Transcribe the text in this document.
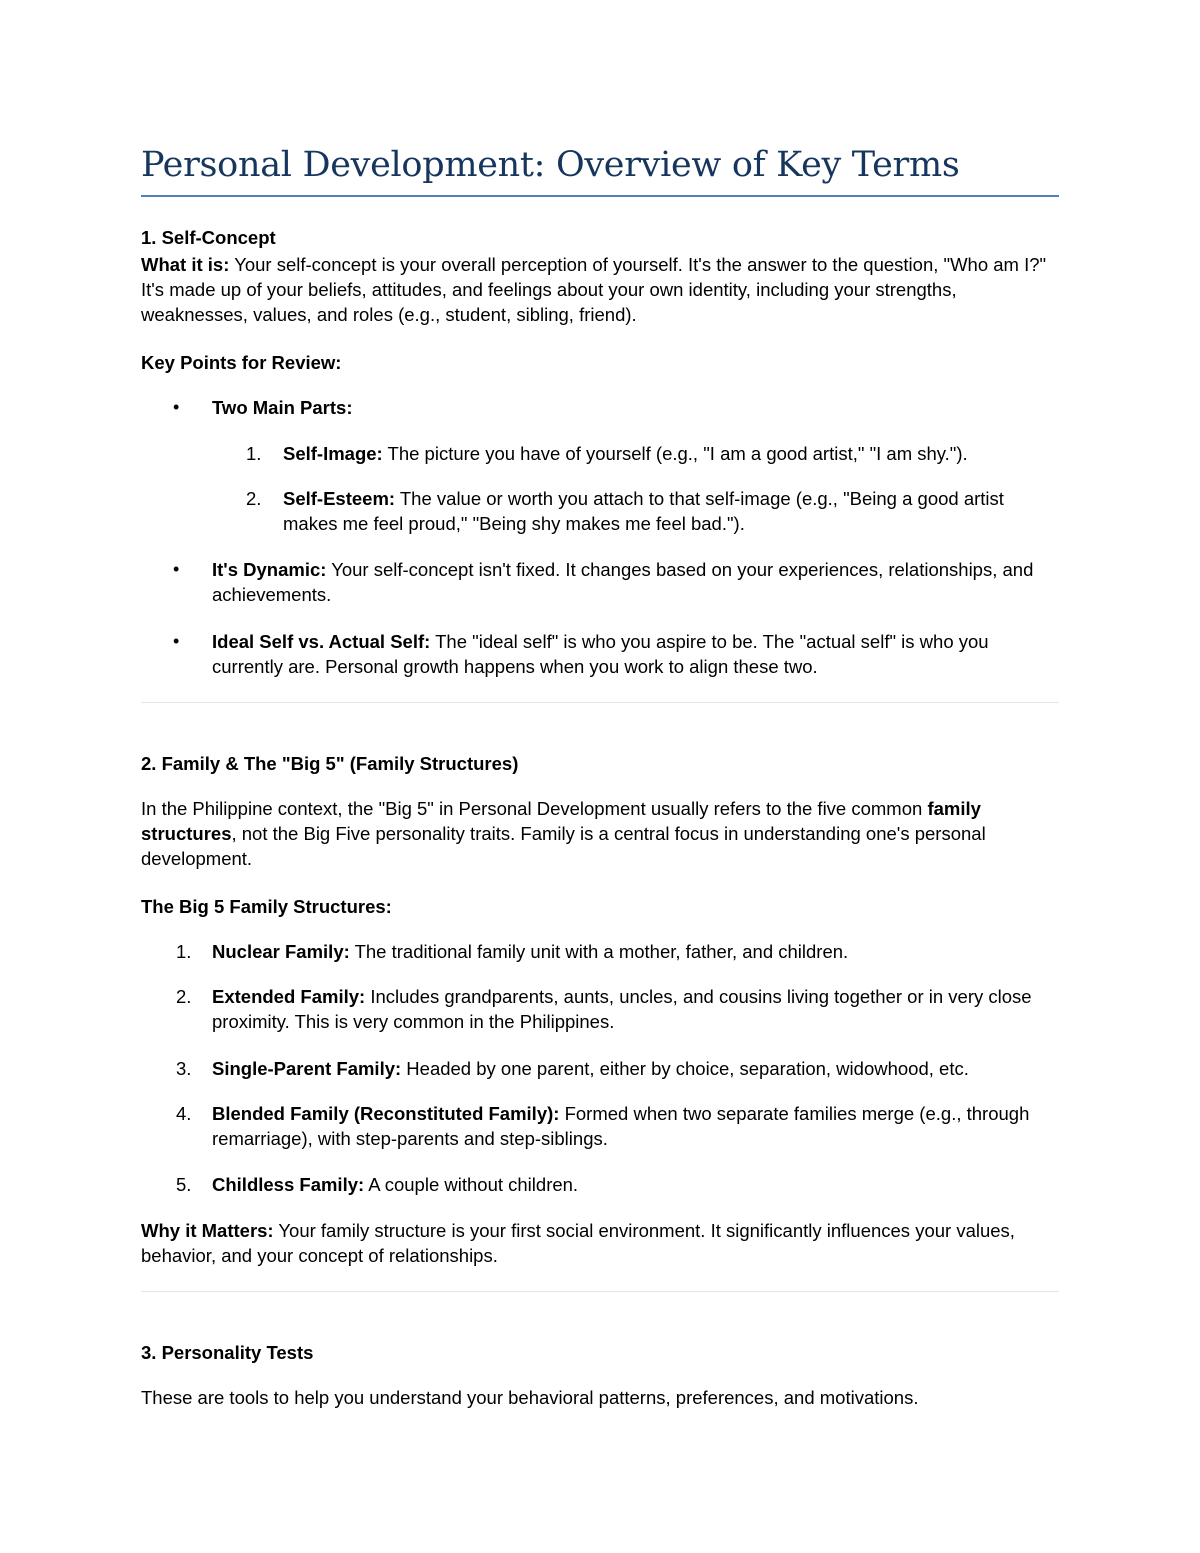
Personal Development: Overview of Key Terms

1. Self-Concept

What it is: Your self-concept is your overall perception of yourself. It's the answer to the question, "Who am I?" It's made up of your beliefs, attitudes, and feelings about your own identity, including your strengths, weaknesses, values, and roles (e.g., student, sibling, friend).

Key Points for Review:

•	Two Main Parts:

1.	Self-Image: The picture you have of yourself (e.g., "I am a good artist," "I am shy.").

2.	Self-Esteem: The value or worth you attach to that self-image (e.g., "Being a good artist makes me feel proud," "Being shy makes me feel bad.").

•	It's Dynamic: Your self-concept isn't fixed. It changes based on your experiences, relationships, and achievements.

•	Ideal Self vs. Actual Self: The "ideal self" is who you aspire to be. The "actual self" is who you currently are. Personal growth happens when you work to align these two.

2. Family & The "Big 5" (Family Structures)

In the Philippine context, the "Big 5" in Personal Development usually refers to the five common family structures, not the Big Five personality traits. Family is a central focus in understanding one's personal development.

The Big 5 Family Structures:

1.	Nuclear Family: The traditional family unit with a mother, father, and children.

2.	Extended Family: Includes grandparents, aunts, uncles, and cousins living together or in very close proximity. This is very common in the Philippines.

3.	Single-Parent Family: Headed by one parent, either by choice, separation, widowhood, etc.

4.	Blended Family (Reconstituted Family): Formed when two separate families merge (e.g., through remarriage), with step-parents and step-siblings.

5.	Childless Family: A couple without children.

Why it Matters: Your family structure is your first social environment. It significantly influences your values, behavior, and your concept of relationships.

3. Personality Tests

These are tools to help you understand your behavioral patterns, preferences, and motivations.
